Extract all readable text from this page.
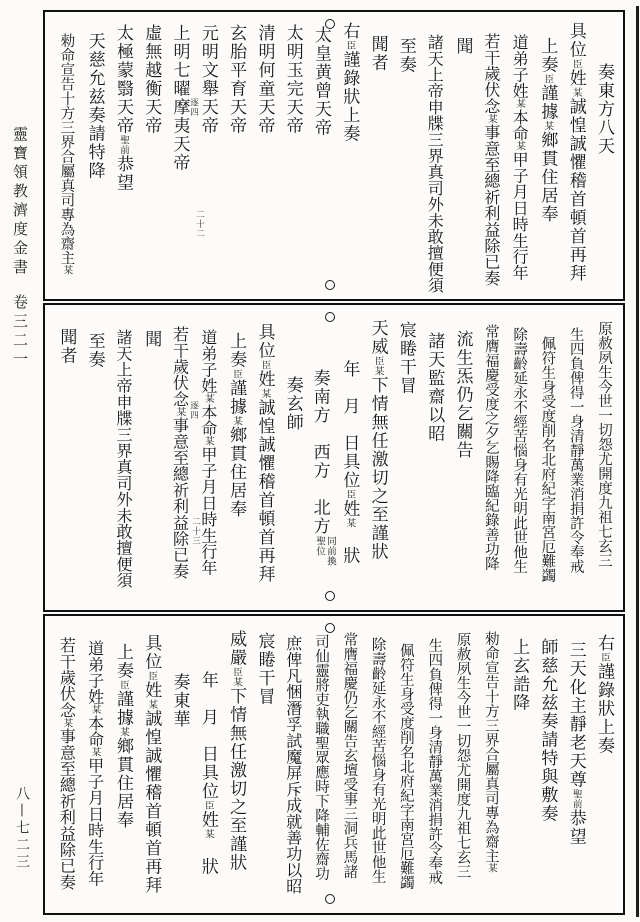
靈寶領教濟度金書卷三二一
八—七二三
奏東方八天
具位臣姓某誠惶誠懼稽首頓首再拜
上奏臣謹據某鄉貫住居奉
道弟子姓某本命某甲子月日時生行年
若干歲伏念某事意至總祈利益除已奏
聞
諸天上帝申牒三界真司外未敢擅便須
至奏
聞者
右臣謹錄狀上奏
太皇黄曾天帝
太明玉完天帝
清明何童天帝
玄胎平育天帝
元明文舉天帝
上明七曜摩夷天帝
虛無越衡天帝
太極蒙翳天帝聖前恭望
天慈允兹奏請特降
勑命宣告十方三界合屬真司專為齋主某
逐四
二十二
原赦夙生今世一切怨尤開度九祖七玄三
生四負俾得一身清靜萬業消捐許令奉戒
佩符生身受度削名北府紀字南宮厄難蠲
除壽齡延永不經苦惱身有光明此世他生
常膺福慶受度之夕乞賜降臨紀錄善功降
流生炁仍乞關告
諸天監齋以昭
宸睠干冒
天威臣某下情無任激切之至謹狀
年　月　日具位臣姓某　狀
奏南方　西方　北方
同前換
聖位
奏玄師
具位臣姓某誠惶誠懼稽首頓首再拜
上奏臣謹據某鄉貫住居奉
道弟子姓某本命某甲子月日時生行年
若干歲伏念某事意至總祈利益除已奏
聞
諸天上帝申牒三界真司外未敢擅便須
至奏
聞者
逐四
二十三
右臣謹錄狀上奏
三天化主靜老天尊聖前恭望
師慈允兹奏請特與敷奏
上玄誥降
勑命宣告十方三界合屬真司專為齋主某
原赦夙生今世一切怨尤開度九祖七玄三
生四負俾得一身清靜萬業消捐許令奉戒
佩符生身受度削名北府紀字南宮厄難蠲
除壽齡延永不經苦惱身有光明此世他生
常膺福慶仍乞關告玄壇受事三洞兵馬諸
司仙靈將吏執職聖眾應時下降輔佐齋功
庶俾凡悃潛孚試魔屏斥成就善功以昭
宸睠干冒
威嚴臣某下情無任激切之至謹狀
年　月　日具位臣姓某　狀
奏東華
具位臣姓某誠惶誠懼稽首頓首再拜
上奏臣謹據某鄉貫住居奉
道弟子姓某本命某甲子月日時生行年
若干歲伏念某事意至總祈利益除已奏
